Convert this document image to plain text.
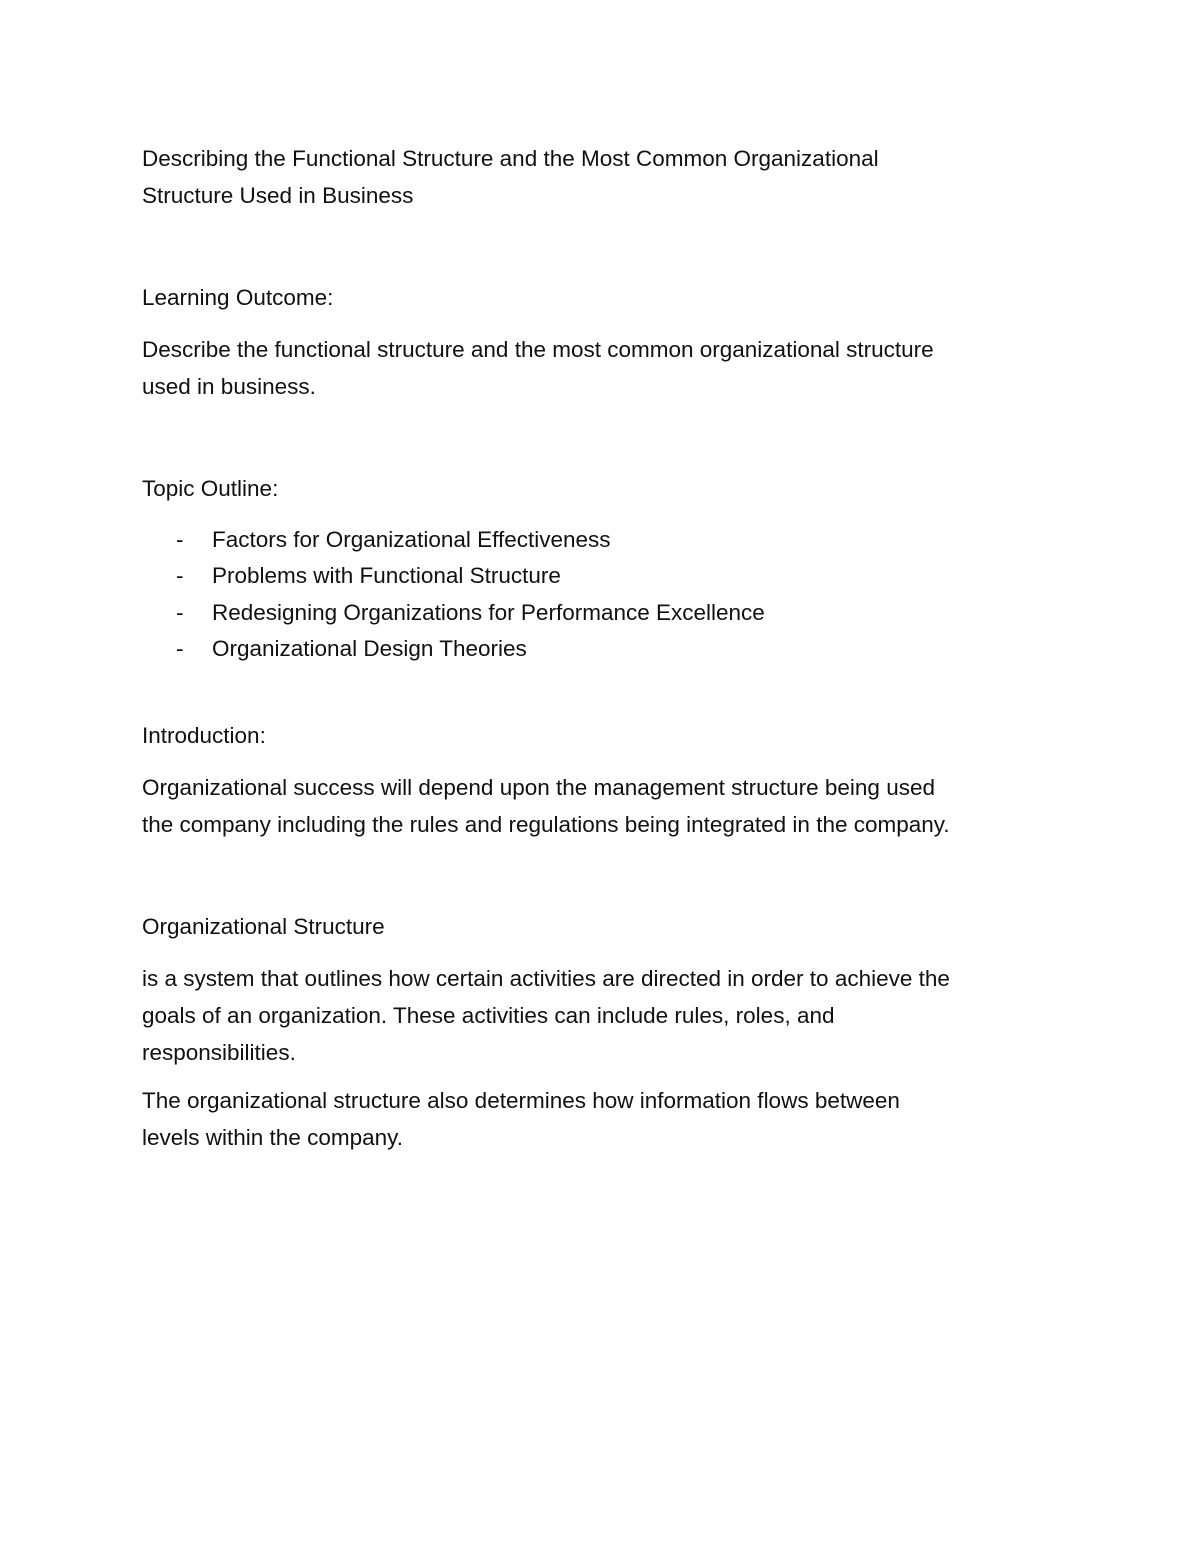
Describing the Functional Structure and the Most Common Organizational
Structure Used in Business
Learning Outcome:
Describe the functional structure and the most common organizational structure
used in business.
Topic Outline:
- Factors for Organizational Effectiveness
- Problems with Functional Structure
- Redesigning Organizations for Performance Excellence
- Organizational Design Theories
Introduction:
Organizational success will depend upon the management structure being used
the company including the rules and regulations being integrated in the company.
Organizational Structure
is a system that outlines how certain activities are directed in order to achieve the
goals of an organization. These activities can include rules, roles, and
responsibilities.
The organizational structure also determines how information flows between
levels within the company.
